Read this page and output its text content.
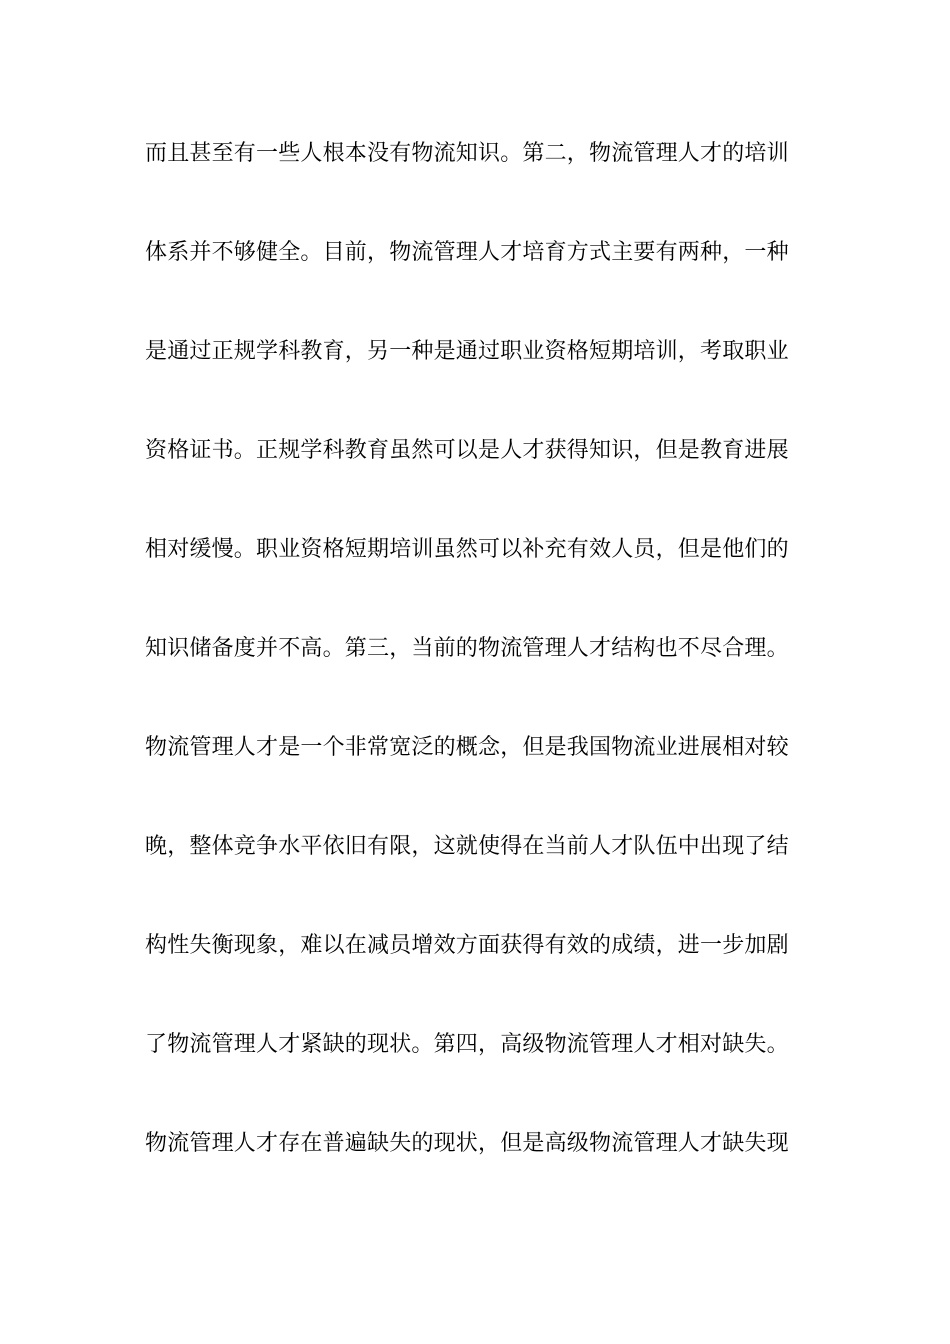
而且甚至有一些人根本没有物流知识。第二，物流管理人才的培训
体系并不够健全。目前，物流管理人才培育方式主要有两种，一种
是通过正规学科教育，另一种是通过职业资格短期培训，考取职业
资格证书。正规学科教育虽然可以是人才获得知识，但是教育进展
相对缓慢。职业资格短期培训虽然可以补充有效人员，但是他们的
知识储备度并不高。第三，当前的物流管理人才结构也不尽合理。
物流管理人才是一个非常宽泛的概念，但是我国物流业进展相对较
晚，整体竞争水平依旧有限，这就使得在当前人才队伍中出现了结
构性失衡现象，难以在减员增效方面获得有效的成绩，进一步加剧
了物流管理人才紧缺的现状。第四，高级物流管理人才相对缺失。
物流管理人才存在普遍缺失的现状，但是高级物流管理人才缺失现
